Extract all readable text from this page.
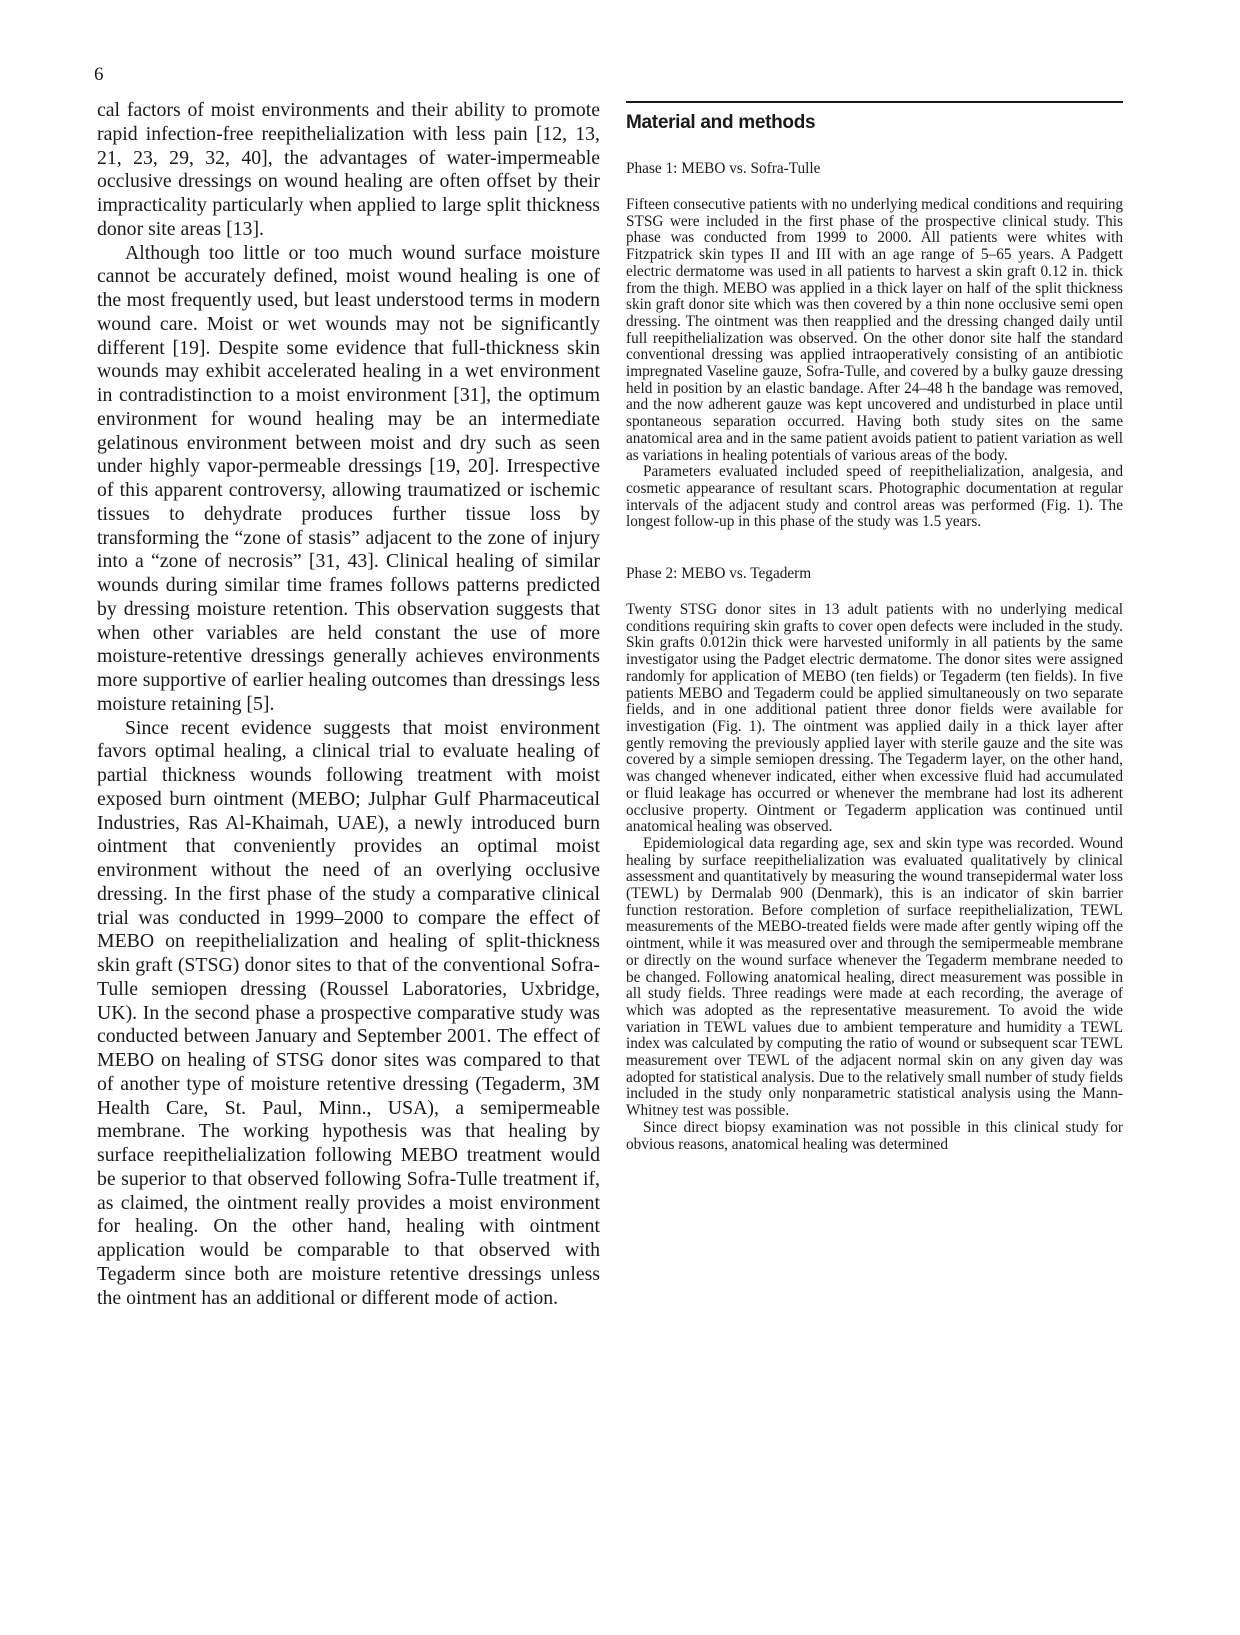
6

cal factors of moist environments and their ability to promote rapid infection-free reepithelialization with less pain [12, 13, 21, 23, 29, 32, 40], the advantages of water-impermeable occlusive dressings on wound healing are often offset by their impracticality particularly when applied to large split thickness donor site areas [13].

Although too little or too much wound surface moisture cannot be accurately defined, moist wound healing is one of the most frequently used, but least understood terms in modern wound care. Moist or wet wounds may not be significantly different [19]. Despite some evidence that full-thickness skin wounds may exhibit accelerated healing in a wet environment in contradistinction to a moist environment [31], the optimum environment for wound healing may be an intermediate gelatinous environment between moist and dry such as seen under highly vapor-permeable dressings [19, 20]. Irrespective of this apparent controversy, allowing traumatized or ischemic tissues to dehydrate produces further tissue loss by transforming the “zone of stasis” adjacent to the zone of injury into a “zone of necrosis” [31, 43]. Clinical healing of similar wounds during similar time frames follows patterns predicted by dressing moisture retention. This observation suggests that when other variables are held constant the use of more moisture-retentive dressings generally achieves environments more supportive of earlier healing outcomes than dressings less moisture retaining [5].

Since recent evidence suggests that moist environment favors optimal healing, a clinical trial to evaluate healing of partial thickness wounds following treatment with moist exposed burn ointment (MEBO; Julphar Gulf Pharmaceutical Industries, Ras Al-Khaimah, UAE), a newly introduced burn ointment that conveniently provides an optimal moist environment without the need of an overlying occlusive dressing. In the first phase of the study a comparative clinical trial was conducted in 1999–2000 to compare the effect of MEBO on reepithelialization and healing of split-thickness skin graft (STSG) donor sites to that of the conventional Sofra-Tulle semiopen dressing (Roussel Laboratories, Uxbridge, UK). In the second phase a prospective comparative study was conducted between January and September 2001. The effect of MEBO on healing of STSG donor sites was compared to that of another type of moisture retentive dressing (Tegaderm, 3M Health Care, St. Paul, Minn., USA), a semipermeable membrane. The working hypothesis was that healing by surface reepithelialization following MEBO treatment would be superior to that observed following Sofra-Tulle treatment if, as claimed, the ointment really provides a moist environment for healing. On the other hand, healing with ointment application would be comparable to that observed with Tegaderm since both are moisture retentive dressings unless the ointment has an additional or different mode of action.

Material and methods
Phase 1: MEBO vs. Sofra-Tulle

Fifteen consecutive patients with no underlying medical conditions and requiring STSG were included in the first phase of the prospective clinical study. This phase was conducted from 1999 to 2000. All patients were whites with Fitzpatrick skin types II and III with an age range of 5–65 years. A Padgett electric dermatome was used in all patients to harvest a skin graft 0.12 in. thick from the thigh. MEBO was applied in a thick layer on half of the split thickness skin graft donor site which was then covered by a thin none occlusive semi open dressing. The ointment was then reapplied and the dressing changed daily until full reepithelialization was observed. On the other donor site half the standard conventional dressing was applied intraoperatively consisting of an antibiotic impregnated Vaseline gauze, Sofra-Tulle, and covered by a bulky gauze dressing held in position by an elastic bandage. After 24–48 h the bandage was removed, and the now adherent gauze was kept uncovered and undisturbed in place until spontaneous separation occurred. Having both study sites on the same anatomical area and in the same patient avoids patient to patient variation as well as variations in healing potentials of various areas of the body.

Parameters evaluated included speed of reepithelialization, analgesia, and cosmetic appearance of resultant scars. Photographic documentation at regular intervals of the adjacent study and control areas was performed (Fig. 1). The longest follow-up in this phase of the study was 1.5 years.

Phase 2: MEBO vs. Tegaderm

Twenty STSG donor sites in 13 adult patients with no underlying medical conditions requiring skin grafts to cover open defects were included in the study. Skin grafts 0.012in thick were harvested uniformly in all patients by the same investigator using the Padget electric dermatome. The donor sites were assigned randomly for application of MEBO (ten fields) or Tegaderm (ten fields). In five patients MEBO and Tegaderm could be applied simultaneously on two separate fields, and in one additional patient three donor fields were available for investigation (Fig. 1). The ointment was applied daily in a thick layer after gently removing the previously applied layer with sterile gauze and the site was covered by a simple semiopen dressing. The Tegaderm layer, on the other hand, was changed whenever indicated, either when excessive fluid had accumulated or fluid leakage has occurred or whenever the membrane had lost its adherent occlusive property. Ointment or Tegaderm application was continued until anatomical healing was observed.

Epidemiological data regarding age, sex and skin type was recorded. Wound healing by surface reepithelialization was evaluated qualitatively by clinical assessment and quantitatively by measuring the wound transepidermal water loss (TEWL) by Dermalab 900 (Denmark), this is an indicator of skin barrier function restoration. Before completion of surface reepithelialization, TEWL measurements of the MEBO-treated fields were made after gently wiping off the ointment, while it was measured over and through the semipermeable membrane or directly on the wound surface whenever the Tegaderm membrane needed to be changed. Following anatomical healing, direct measurement was possible in all study fields. Three readings were made at each recording, the average of which was adopted as the representative measurement. To avoid the wide variation in TEWL values due to ambient temperature and humidity a TEWL index was calculated by computing the ratio of wound or subsequent scar TEWL measurement over TEWL of the adjacent normal skin on any given day was adopted for statistical analysis. Due to the relatively small number of study fields included in the study only nonparametric statistical analysis using the Mann-Whitney test was possible.

Since direct biopsy examination was not possible in this clinical study for obvious reasons, anatomical healing was determined
